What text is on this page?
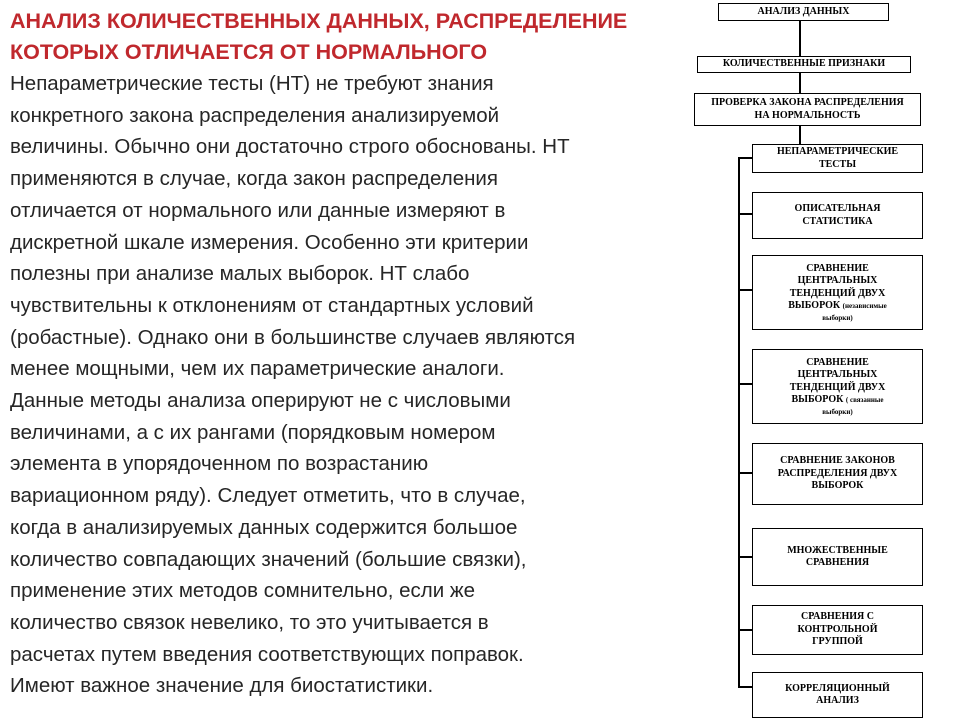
АНАЛИЗ КОЛИЧЕСТВЕННЫХ ДАННЫХ, РАСПРЕДЕЛЕНИЕ
КОТОРЫХ ОТЛИЧАЕТСЯ ОТ НОРМАЛЬНОГО
Непараметрические тесты (НТ) не требуют знания
конкретного закона распределения анализируемой
величины. Обычно они достаточно строго обоснованы. НТ
применяются в случае, когда закон распределения
отличается от нормального или данные измеряют в
дискретной шкале измерения. Особенно эти критерии
полезны при анализе малых выборок. НТ слабо
чувствительны к отклонениям от стандартных условий
(робастные). Однако они в большинстве случаев являются
менее мощными, чем их параметрические аналоги.
Данные методы анализа оперируют не с числовыми
величинами, а с их рангами (порядковым номером
элемента в упорядоченном по возрастанию
вариационном ряду). Следует отметить, что в случае,
когда в анализируемых данных содержится большое
количество совпадающих значений (большие связки),
применение этих методов сомнительно, если же
количество связок невелико, то это учитывается в
расчетах путем введения соответствующих поправок.
Имеют важное значение для биостатистики.
АНАЛИЗ ДАННЫХ
КОЛИЧЕСТВЕННЫЕ ПРИЗНАКИ
ПРОВЕРКА ЗАКОНА РАСПРЕДЕЛЕНИЯ
НА НОРМАЛЬНОСТЬ
НЕПАРАМЕТРИЧЕСКИЕ
ТЕСТЫ
ОПИСАТЕЛЬНАЯ
СТАТИСТИКА
СРАВНЕНИЕ
ЦЕНТРАЛЬНЫХ
ТЕНДЕНЦИЙ ДВУХ
ВЫБОРОК (независимые
выборки)
СРАВНЕНИЕ
ЦЕНТРАЛЬНЫХ
ТЕНДЕНЦИЙ ДВУХ
ВЫБОРОК ( связанные
выборки)
СРАВНЕНИЕ ЗАКОНОВ
РАСПРЕДЕЛЕНИЯ ДВУХ
ВЫБОРОК
МНОЖЕСТВЕННЫЕ
СРАВНЕНИЯ
СРАВНЕНИЯ С
КОНТРОЛЬНОЙ
ГРУППОЙ
КОРРЕЛЯЦИОННЫЙ
АНАЛИЗ
